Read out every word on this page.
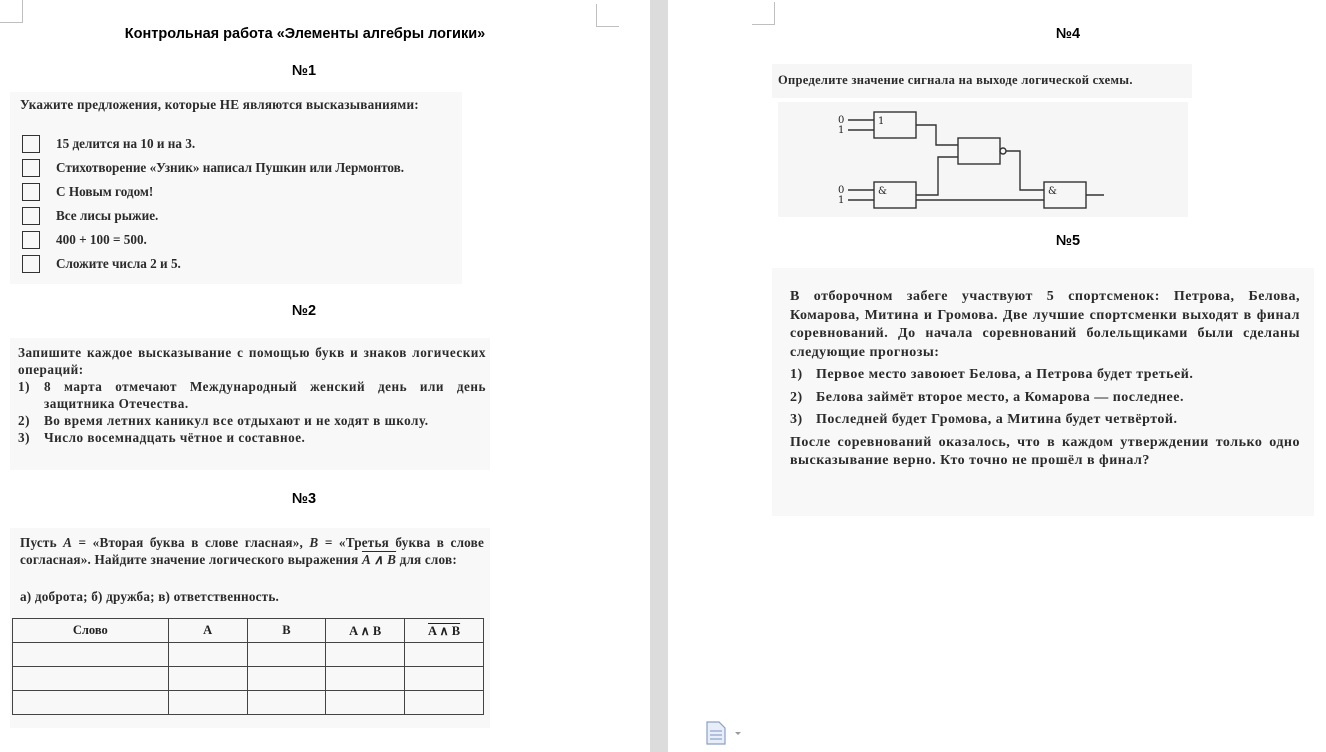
Контрольная работа «Элементы алгебры логики»
№1

Укажите предложения, которые НЕ являются высказываниями:

15 делится на 10 и на 3.
Стихотворение «Узник» написал Пушкин или Лермонтов.
С Новым годом!
Все лисы рыжие.
400 + 100 = 500.
Сложите числа 2 и 5.
№2

Запишите каждое высказывание с помощью букв и знаков логических операций:

1)	8 марта отмечают Международный женский день или день защитника Отечества.
2)	Во время летних каникул все отдыхают и не ходят в школу.
3)	Число восемнадцать чётное и составное.
№3

Пусть A = «Вторая буква в слове гласная», B = «Третья буква в слове согласная». Найдите значение логического выражения A ∧ B для слов:

а) доброта; б) дружба; в) ответственность.

Слово	A	B	A ∧ B	A ∧ B

№4

Определите значение сигнала на выходе логической схемы.

№5

В отборочном забеге участвуют 5 спортсменок: Петрова, Белова, Комарова, Митина и Громова. Две лучшие спортсменки выходят в финал соревнований. До начала соревнований болельщиками были сделаны следующие прогнозы:

1) Первое место завоюет Белова, а Петрова будет третьей.
2) Белова займёт второе место, а Комарова — последнее.
3) Последней будет Громова, а Митина будет четвёртой.

После соревнований оказалось, что в каждом утверждении только одно высказывание верно. Кто точно не прошёл в финал?

1
&	&
0
1
0
1
